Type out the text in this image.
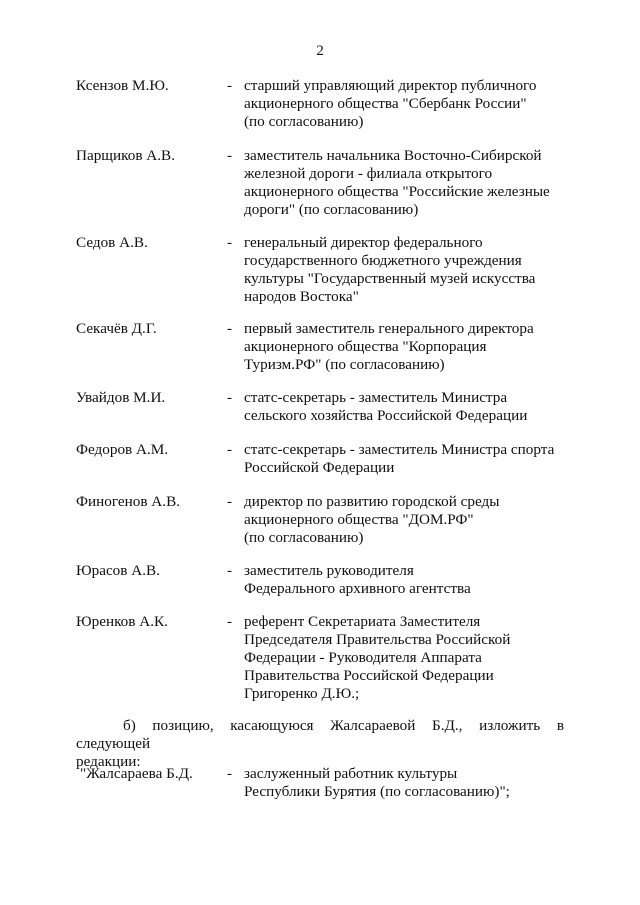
2
Ксензов М.Ю.	- старший управляющий директор публичного
акционерного общества "Сбербанк России"
(по согласованию)
Парщиков А.В.	- заместитель начальника Восточно-Сибирской
железной дороги - филиала открытого
акционерного общества "Российские железные
дороги" (по согласованию)
Седов А.В.	- генеральный директор федерального
государственного бюджетного учреждения
культуры "Государственный музей искусства
народов Востока"
Секачёв Д.Г.	- первый заместитель генерального директора
акционерного общества "Корпорация
Туризм.РФ" (по согласованию)
Увайдов М.И.	- статс-секретарь - заместитель Министра
сельского хозяйства Российской Федерации
Федоров А.М.	- статс-секретарь - заместитель Министра спорта
Российской Федерации
Финогенов А.В.	- директор по развитию городской среды
акционерного общества "ДОМ.РФ"
(по согласованию)
Юрасов А.В.	- заместитель руководителя
Федерального архивного агентства
Юренков А.К.	- референт Секретариата Заместителя
Председателя Правительства Российской
Федерации - Руководителя Аппарата
Правительства Российской Федерации
Григоренко Д.Ю.;
б) позицию, касающуюся Жалсараевой Б.Д., изложить в следующей
редакции:
"Жалсараева Б.Д. - заслуженный работник культуры
Республики Бурятия (по согласованию)";
